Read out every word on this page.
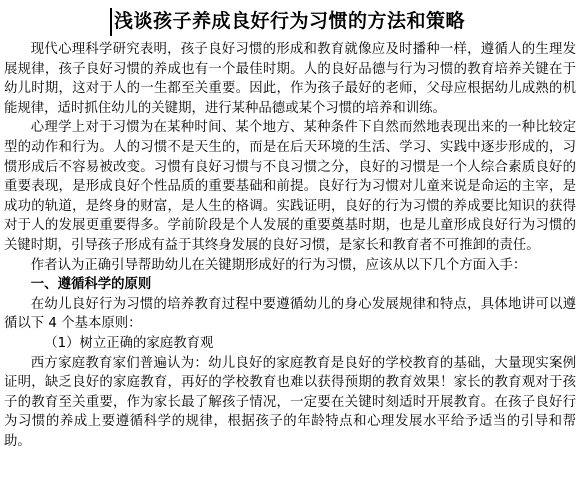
浅谈孩子养成良好行为习惯的方法和策略

现代心理科学研究表明，孩子良好习惯的形成和教育就像应及时播种一样，遵循人的生理发展规律，孩子良好习惯的养成也有一个最佳时期。人的良好品德与行为习惯的教育培养关键在于幼儿时期，这对于人的一生都至关重要。因此，作为孩子最好的老师，父母应根据幼儿成熟的机能规律，适时抓住幼儿的关键期，进行某种品德或某个习惯的培养和训练。

心理学上对于习惯为在某种时间、某个地方、某种条件下自然而然地表现出来的一种比较定型的动作和行为。人的习惯不是天生的，而是在后天环境的生活、学习、实践中逐步形成的，习惯形成后不容易被改变。习惯有良好习惯与不良习惯之分，良好的习惯是一个人综合素质良好的重要表现，是形成良好个性品质的重要基础和前提。良好行为习惯对儿童来说是命运的主宰，是成功的轨道，是终身的财富，是人生的格调。实践证明，良好的行为习惯的养成要比知识的获得对于人的发展更重要得多。学前阶段是个人发展的重要奠基时期，也是儿童形成良好行为习惯的关键时期，引导孩子形成有益于其终身发展的良好习惯，是家长和教育者不可推卸的责任。

作者认为正确引导帮助幼儿在关键期形成好的行为习惯，应该从以下几个方面入手：

一、遵循科学的原则

在幼儿良好行为习惯的培养教育过程中要遵循幼儿的身心发展规律和特点，具体地讲可以遵循以下 4 个基本原则：

（1）树立正确的家庭教育观

西方家庭教育家们普遍认为：幼儿良好的家庭教育是良好的学校教育的基础，大量现实案例证明，缺乏良好的家庭教育，再好的学校教育也难以获得预期的教育效果！家长的教育观对于孩子的教育至关重要，作为家长最了解孩子情况，一定要在关键时刻适时开展教育。在孩子良好行为习惯的养成上要遵循科学的规律，根据孩子的年龄特点和心理发展水平给予适当的引导和帮助。
